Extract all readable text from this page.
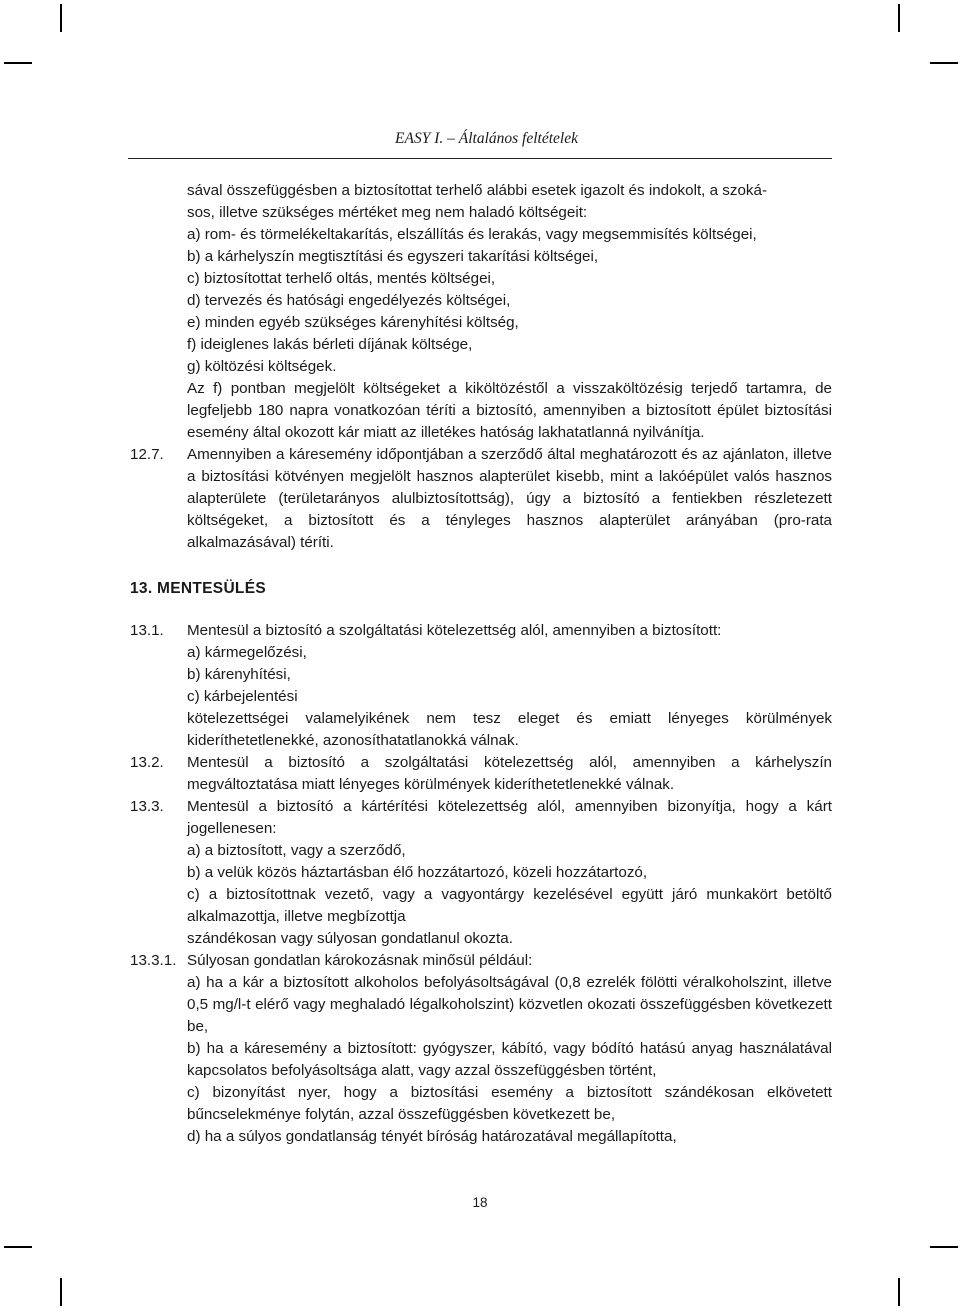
EASY I. – Általános feltételek
sával összefüggésben a biztosítottat terhelő alábbi esetek igazolt és indokolt, a szoká-
sos, illetve szükséges mértéket meg nem haladó költségeit:
a) rom- és törmelékeltakarítás, elszállítás és lerakás, vagy megsemmisítés költségei,
b) a kárhelyszín megtisztítási és egyszeri takarítási költségei,
c) biztosítottat terhelő oltás, mentés költségei,
d) tervezés és hatósági engedélyezés költségei,
e) minden egyéb szükséges kárenyhítési költség,
f) ideiglenes lakás bérleti díjának költsége,
g) költözési költségek.
Az f) pontban megjelölt költségeket a kiköltözéstől a visszaköltözésig terjedő tartamra, de legfeljebb 180 napra vonatkozóan téríti a biztosító, amennyiben a biztosított épület biztosítási esemény által okozott kár miatt az illetékes hatóság lakhatatlanná nyilvánítja.
12.7.	Amennyiben a káresemény időpontjában a szerződő által meghatározott és az ajánlaton, illetve a biztosítási kötvényen megjelölt hasznos alapterület kisebb, mint a lakóépület valós hasznos alapterülete (területarányos alulbiztosítottság), úgy a biztosító a fentiekben részletezett költségeket, a biztosított és a tényleges hasznos alapterület arányában (pro-rata alkalmazásával) téríti.
13. MENTESÜLÉS
13.1. Mentesül a biztosító a szolgáltatási kötelezettség alól, amennyiben a biztosított:
a) kármegelőzési,
b) kárenyhítési,
c) kárbejelentési
kötelezettségei valamelyikének nem tesz eleget és emiatt lényeges körülmények kideríthetetlenekké, azonosíthatatlanokká válnak.
13.2.	Mentesül a biztosító a szolgáltatási kötelezettség alól, amennyiben a kárhelyszín megváltoztatása miatt lényeges körülmények kideríthetetlenekké válnak.
13.3. Mentesül a biztosító a kártérítési kötelezettség alól, amennyiben bizonyítja, hogy a kárt jogellenesen:
a) a biztosított, vagy a szerződő,
b) a velük közös háztartásban élő hozzátartozó, közeli hozzátartozó,
c) a biztosítottnak vezető, vagy a vagyontárgy kezelésével együtt járó munkakört betöltő alkalmazottja, illetve megbízottja
szándékosan vagy súlyosan gondatlanul okozta.
13.3.1. Súlyosan gondatlan károkozásnak minősül például:
a) ha a kár a biztosított alkoholos befolyásoltságával (0,8 ezrelék fölötti véralkoholszint, illetve 0,5 mg/l-t elérő vagy meghaladó légalkoholszint) közvetlen okozati összefüggésben következett be,
b) ha a káresemény a biztosított: gyógyszer, kábító, vagy bódító hatású anyag használatával kapcsolatos befolyásoltsága alatt, vagy azzal összefüggésben történt,
c) bizonyítást nyer, hogy a biztosítási esemény a biztosított szándékosan elkövetett bűncselekménye folytán, azzal összefüggésben következett be,
d) ha a súlyos gondatlanság tényét bíróság határozatával megállapította,
18
